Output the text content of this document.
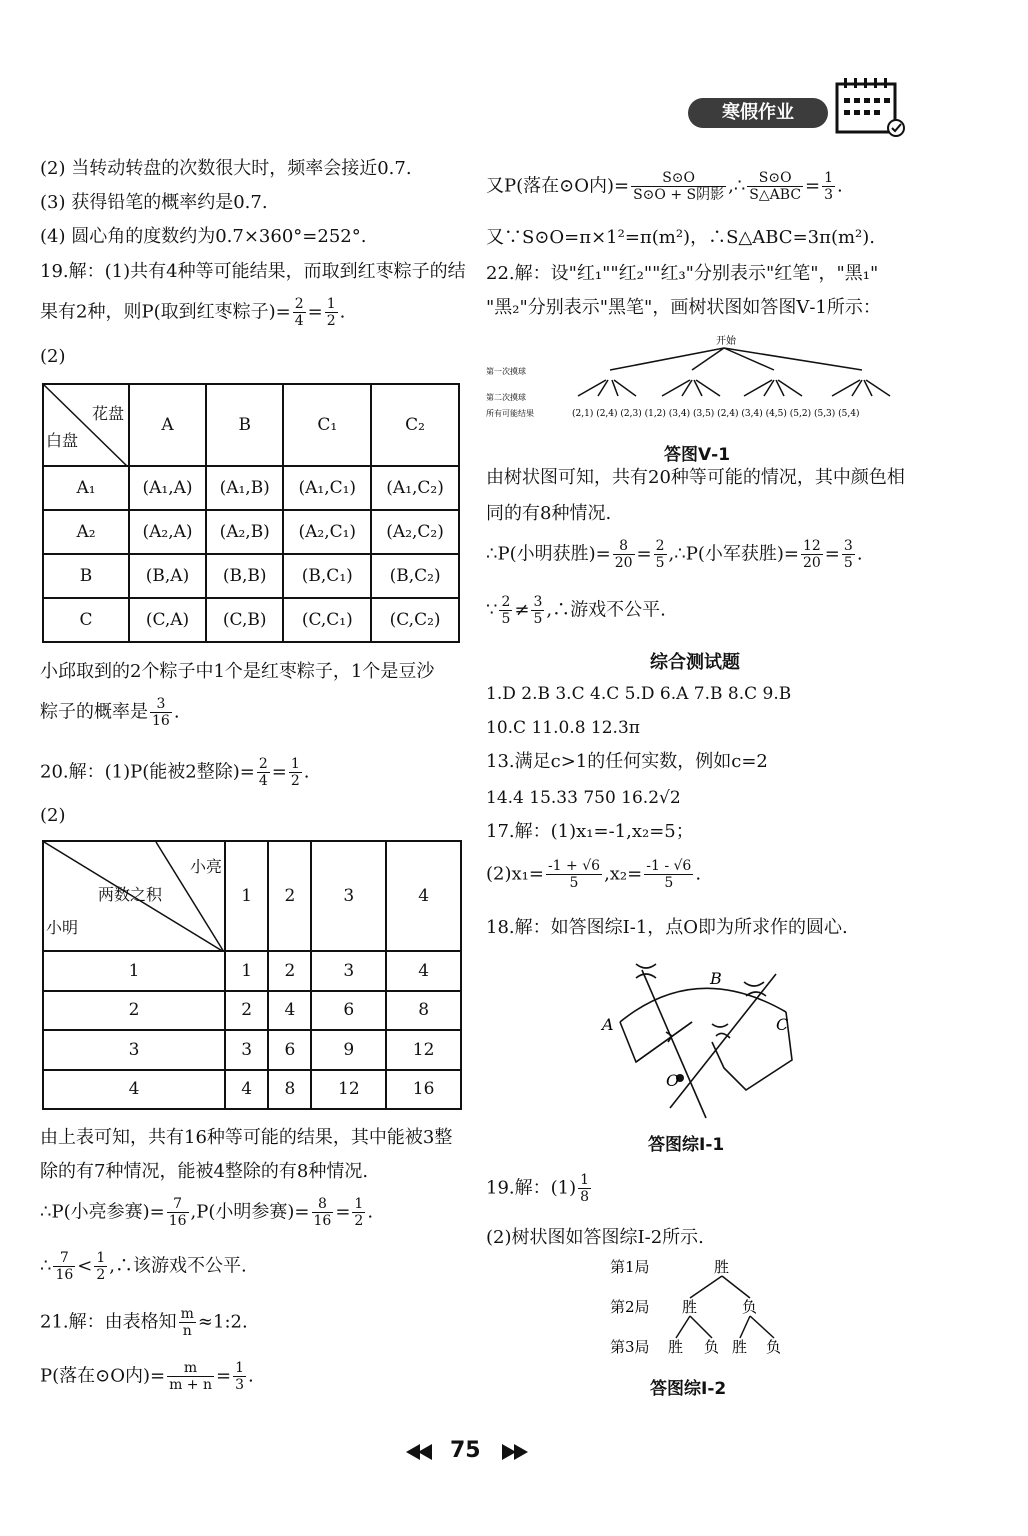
寒假作业
(2) 当转动转盘的次数很大时，频率会接近0.7.
(3) 获得铅笔的概率约是0.7.
(4) 圆心角的度数约为0.7×360°=252°.
19.解：(1)共有4种等可能结果，而取到红枣粽子的结
果有2种，则P(取到红枣粽子)= $\frac{2}{4} = \frac{1}{2}$ .
(2)
花盘
白盘	A	B	C₁	C₂
A₁	(A₁,A)	(A₁,B)	(A₁,C₁)	(A₁,C₂)
A₂	(A₂,A)	(A₂,B)	(A₂,C₁)	(A₂,C₂)
B	(B,A)	(B,B)	(B,C₁)	(B,C₂)
C	(C,A)	(C,B)	(C,C₁)	(C,C₂)
小邱取到的2个粽子中1个是红枣粽子，1个是豆沙
粽子的概率是 $\frac{3}{16}$ .
20.解：(1)P(能被2整除)= $\frac{2}{4} = \frac{1}{2}$ .
(2)
小亮
两数之积
小明	1	2	3	4
1	1	2	3	4
2	2	4	6	8
3	3	6	9	12
4	4	8	12	16
由上表可知，共有16种等可能的结果，其中能被3整
除的有7种情况，能被4整除的有8种情况.
∴P(小亮参赛)= $\frac{7}{16} ,P$(小明参赛)= $\frac{8}{16} = \frac{1}{2}$ .
∴ $\frac{7}{16} < \frac{1}{2}$ ,∴该游戏不公平.
21.解：由表格知 $\frac{m}{n}$ ≈1:2.
P(落在⊙O内)= $\frac{m}{m + n} = \frac{1}{3}$ .
又P(落在⊙O内)= $\frac{S⊙O}{\text{S⊙O + S阴影}}$ ,∴ $\frac{S⊙O}{\text{S△ABC}} = \frac{1}{3}$ .
又∵S⊙O=π×1²=π(m²)，∴S△ABC=3π(m²).
22.解：设"红₁""红₂""红₃"分别表示"红笔"，"黑₁"
"黑₂"分别表示"黑笔"，画树状图如答图Ⅴ-1所示：
开始
第一次摸球
第二次摸球
所有可能结果	(2,1) (2,4) (2,3) (1,2) (3,4) (3,5) (2,4) (3,4) (4,5) (5,2) (5,3) (5,4)
答图Ⅴ-1
由树状图可知，共有20种等可能的情况，其中颜色相
同的有8种情况.
∴P(小明获胜)= $\frac{8}{20} = \frac{2}{5}$ ,∴P(小军获胜)= $\frac{12}{20} = \frac{3}{5}$ .
∵ $\frac{2}{5} \ne \frac{3}{5}$ ,∴游戏不公平.
综合测试题
1.D 2.B 3.C 4.C 5.D 6.A 7.B 8.C 9.B
10.C 11.0.8 12.3π
13.满足c>1的任何实数，例如c=2
14.4 15.33 750 16.2√2
17.解：(1)x₁=-1,x₂=5；
$(2)x_1= \frac{-1 + √6}{5} ,x_2= \frac{-1 - √6}{5}$ .
18.解：如答图综Ⅰ-1，点O即为所求作的圆心.
A
B
C
O
答图综Ⅰ-1
19.解：$(1) \frac{1}{8}$
(2)树状图如答图综Ⅰ-2所示.
第1局
第2局
第3局
胜
胜	负
胜 负 胜 负
答图综Ⅰ-2
75
